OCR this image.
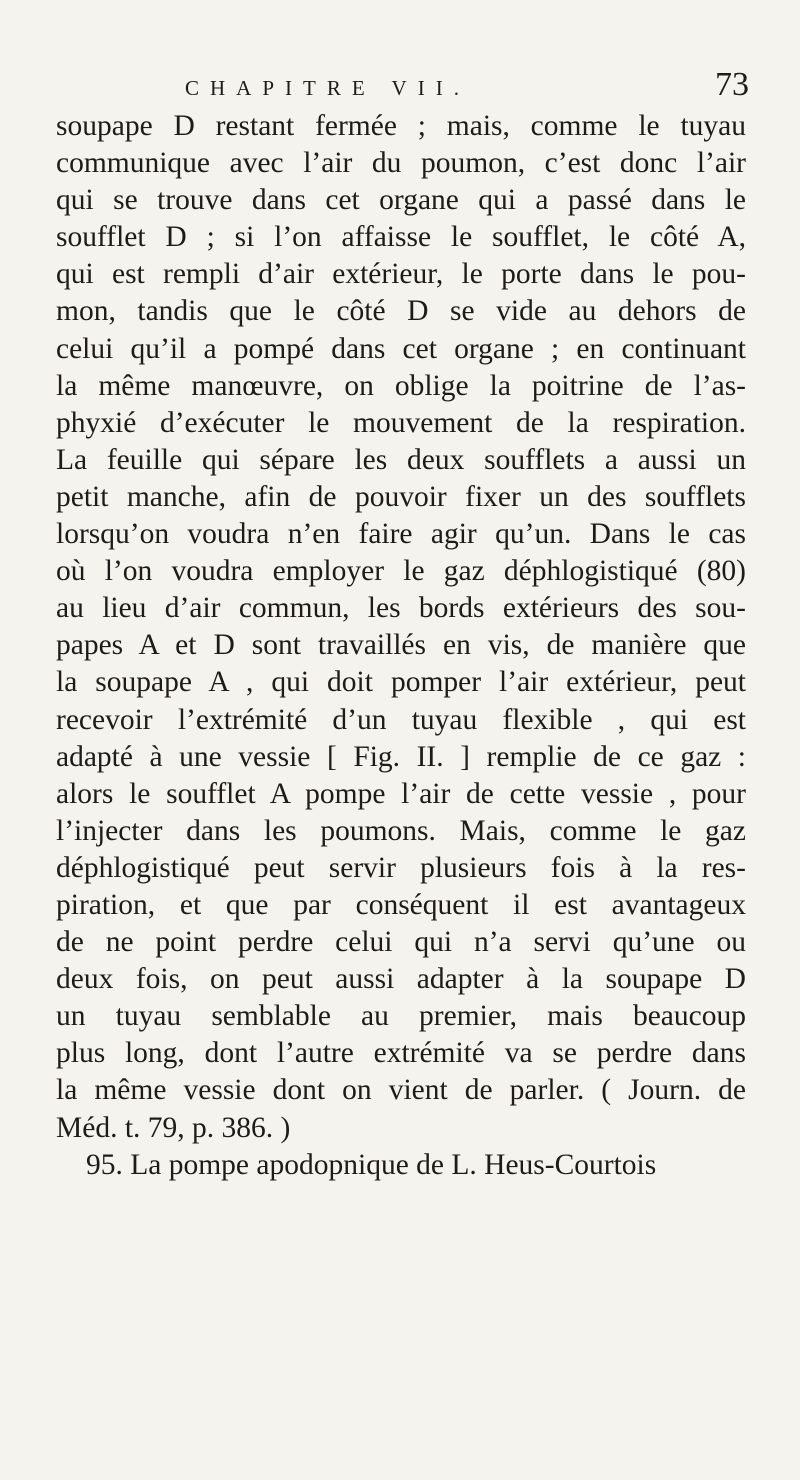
CHAPITRE VII.	73
soupape D restant fermée ; mais, comme le tuyau
communique avec l’air du poumon, c’est donc l’air
qui se trouve dans cet organe qui a passé dans le
soufflet D ; si l’on affaisse le soufflet, le côté A,
qui est rempli d’air extérieur, le porte dans le pou-
mon, tandis que le côté D se vide au dehors de
celui qu’il a pompé dans cet organe ; en continuant
la même manœuvre, on oblige la poitrine de l’as-
phyxié d’exécuter le mouvement de la respiration.
La feuille qui sépare les deux soufflets a aussi un
petit manche, afin de pouvoir fixer un des soufflets
lorsqu’on voudra n’en faire agir qu’un. Dans le cas
où l’on voudra employer le gaz déphlogistiqué (80)
au lieu d’air commun, les bords extérieurs des sou-
papes A et D sont travaillés en vis, de manière que
la soupape A , qui doit pomper l’air extérieur, peut
recevoir l’extrémité d’un tuyau flexible , qui est
adapté à une vessie [ Fig. II. ] remplie de ce gaz :
alors le soufflet A pompe l’air de cette vessie , pour
l’injecter dans les poumons. Mais, comme le gaz
déphlogistiqué peut servir plusieurs fois à la res-
piration, et que par conséquent il est avantageux
de ne point perdre celui qui n’a servi qu’une ou
deux fois, on peut aussi adapter à la soupape D
un tuyau semblable au premier, mais beaucoup
plus long, dont l’autre extrémité va se perdre dans
la même vessie dont on vient de parler. ( Journ. de
Méd. t. 79, p. 386. )
95. La pompe apodopnique de L. Heus-Courtois
